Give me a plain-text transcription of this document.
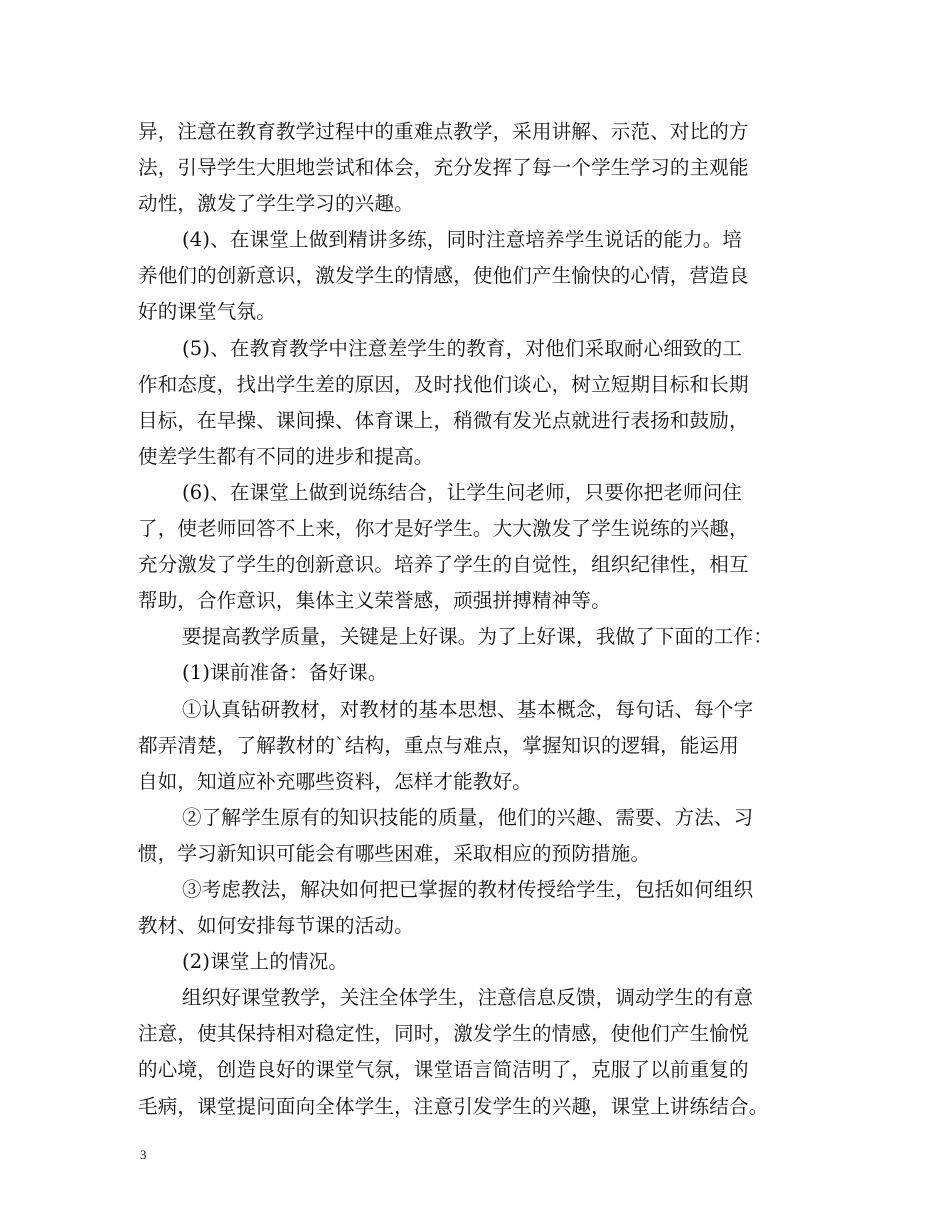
异，注意在教育教学过程中的重难点教学，采用讲解、示范、对比的方
法，引导学生大胆地尝试和体会，充分发挥了每一个学生学习的主观能
动性，激发了学生学习的兴趣。
(4)、在课堂上做到精讲多练，同时注意培养学生说话的能力。培
养他们的创新意识，激发学生的情感，使他们产生愉快的心情，营造良
好的课堂气氛。
(5)、在教育教学中注意差学生的教育，对他们采取耐心细致的工
作和态度，找出学生差的原因，及时找他们谈心，树立短期目标和长期
目标，在早操、课间操、体育课上，稍微有发光点就进行表扬和鼓励，
使差学生都有不同的进步和提高。
(6)、在课堂上做到说练结合，让学生问老师，只要你把老师问住
了，使老师回答不上来，你才是好学生。大大激发了学生说练的兴趣，
充分激发了学生的创新意识。培养了学生的自觉性，组织纪律性，相互
帮助，合作意识，集体主义荣誉感，顽强拼搏精神等。
要提高教学质量，关键是上好课。为了上好课，我做了下面的工作：
(1)课前准备：备好课。
①认真钻研教材，对教材的基本思想、基本概念，每句话、每个字
都弄清楚，了解教材的`结构，重点与难点，掌握知识的逻辑，能运用
自如，知道应补充哪些资料，怎样才能教好。
②了解学生原有的知识技能的质量，他们的兴趣、需要、方法、习
惯，学习新知识可能会有哪些困难，采取相应的预防措施。
③考虑教法，解决如何把已掌握的教材传授给学生，包括如何组织
教材、如何安排每节课的活动。
(2)课堂上的情况。
组织好课堂教学，关注全体学生，注意信息反馈，调动学生的有意
注意，使其保持相对稳定性，同时，激发学生的情感，使他们产生愉悦
的心境，创造良好的课堂气氛，课堂语言简洁明了，克服了以前重复的
毛病，课堂提问面向全体学生，注意引发学生的兴趣，课堂上讲练结合。
3
